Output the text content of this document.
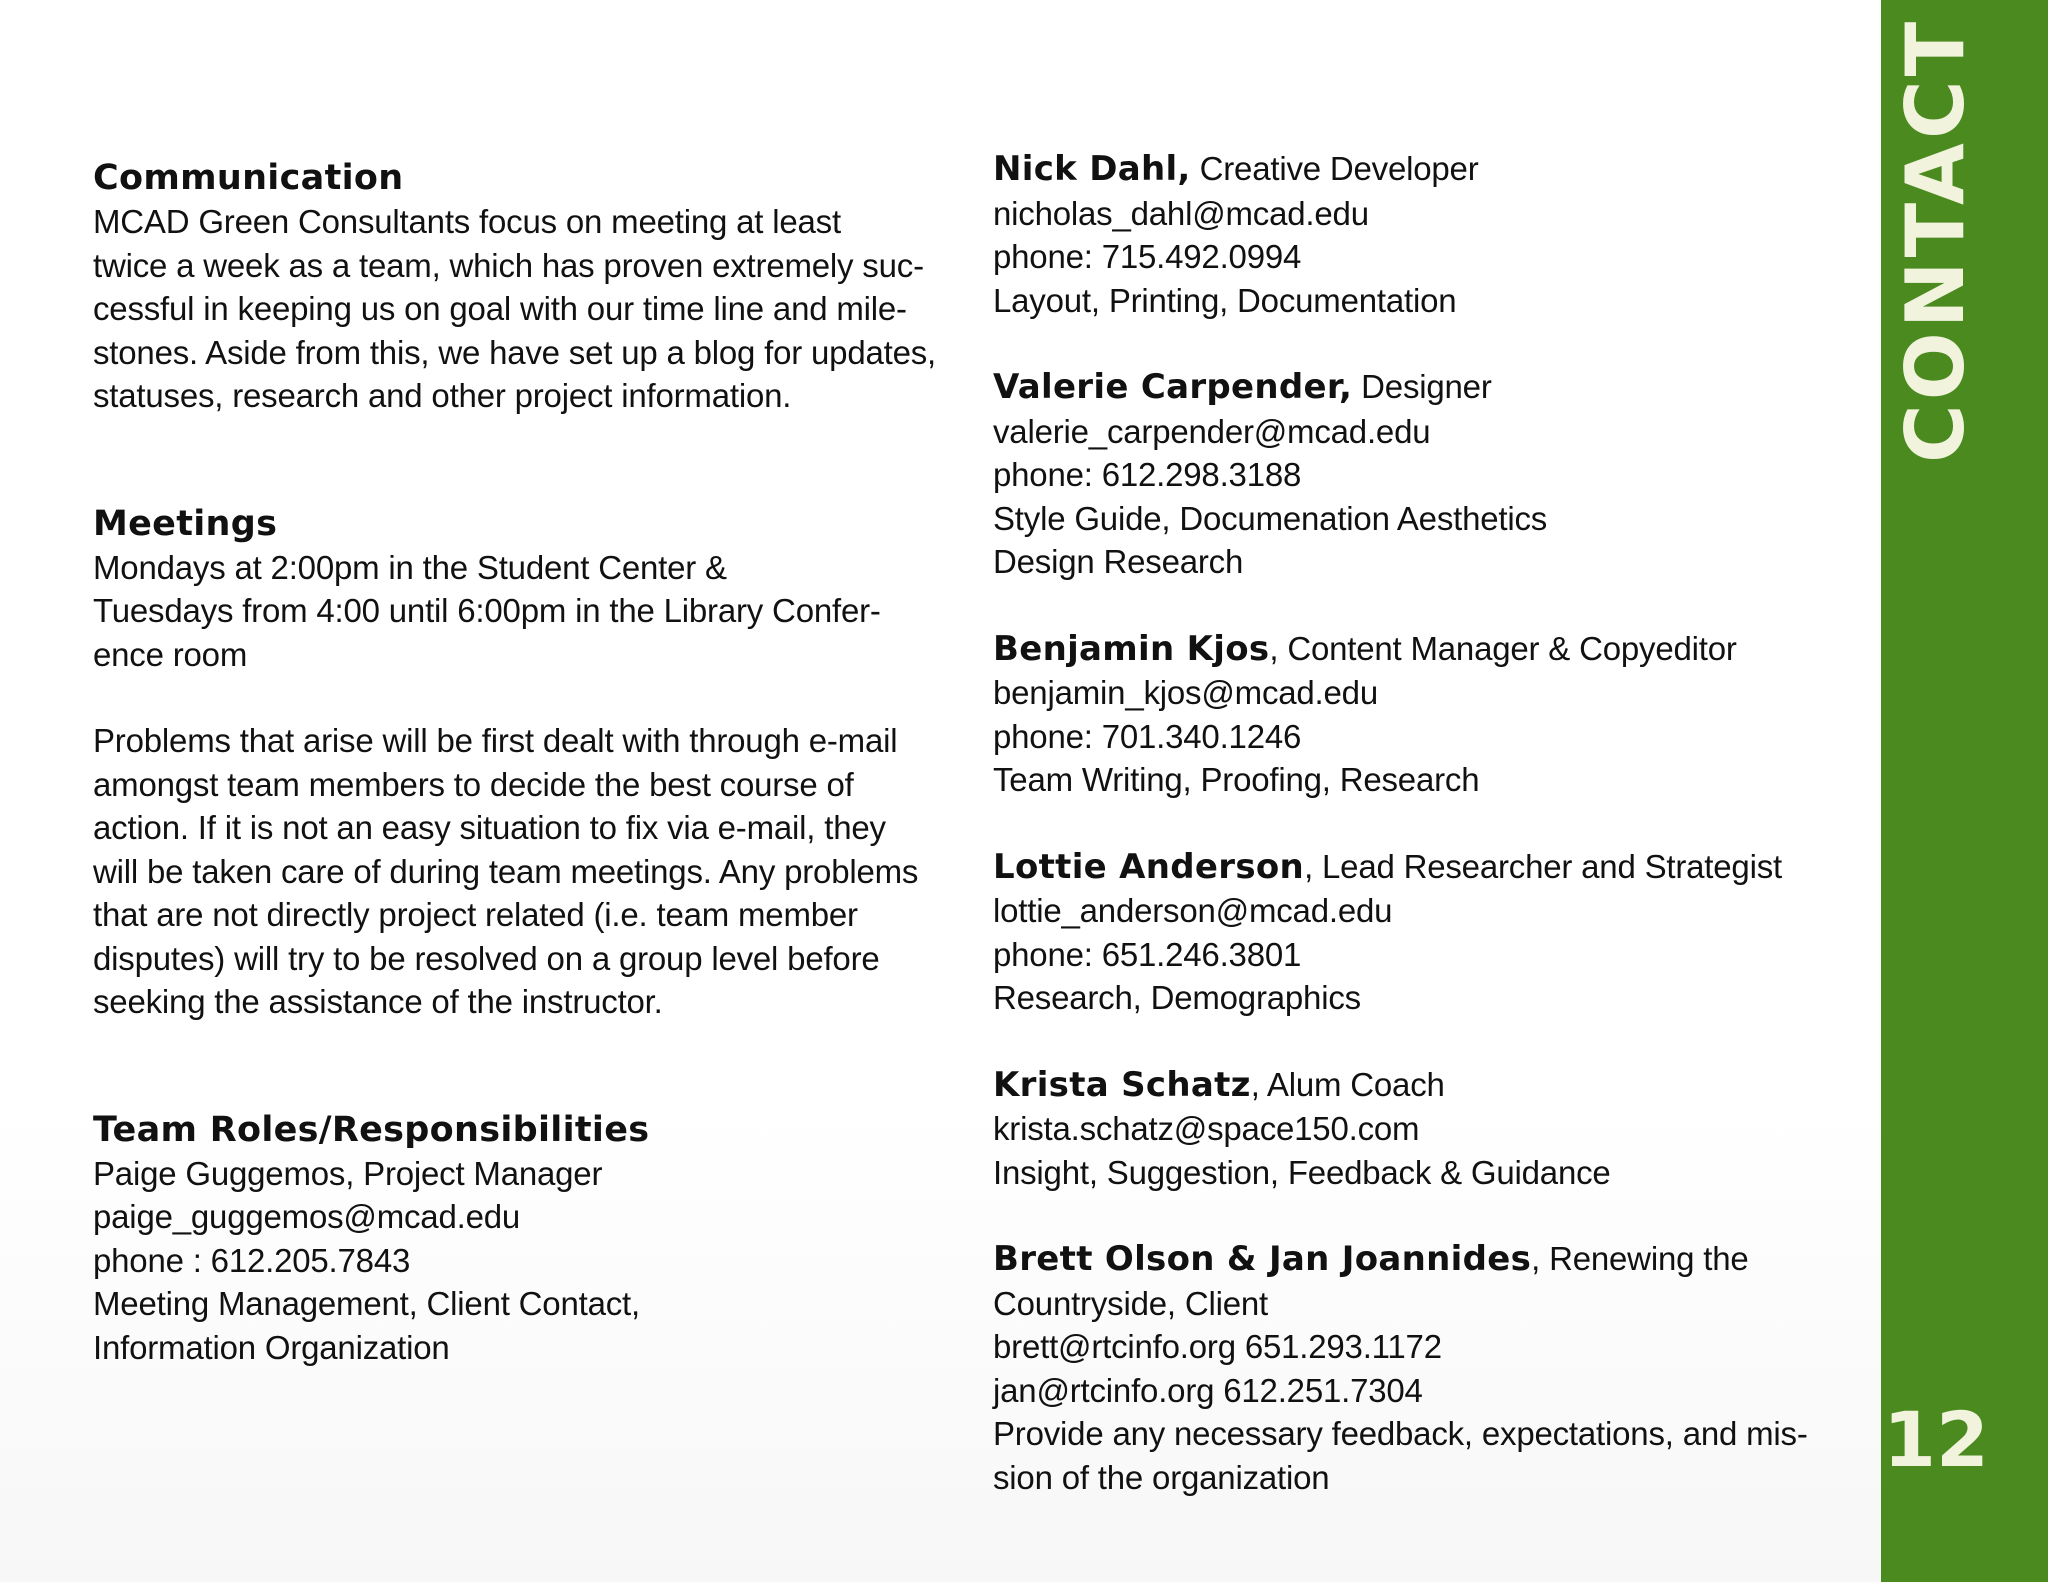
Communication

MCAD Green Consultants focus on meeting at least
twice a week as a team, which has proven extremely suc-
cessful in keeping us on goal with our time line and mile-
stones. Aside from this, we have set up a blog for updates,
statuses, research and other project information.

Meetings

Mondays at 2:00pm in the Student Center &
Tuesdays from 4:00 until 6:00pm in the Library Confer-
ence room

Problems that arise will be first dealt with through e-mail
amongst team members to decide the best course of
action. If it is not an easy situation to fix via e-mail, they
will be taken care of during team meetings. Any problems
that are not directly project related (i.e. team member
disputes) will try to be resolved on a group level before
seeking the assistance of the instructor.

Team Roles/Responsibilities

Paige Guggemos, Project Manager
paige_guggemos@mcad.edu
phone : 612.205.7843
Meeting Management, Client Contact,
Information Organization

Nick Dahl, Creative Developer
nicholas_dahl@mcad.edu
phone: 715.492.0994
Layout, Printing, Documentation
Valerie Carpender, Designer
valerie_carpender@mcad.edu
phone: 612.298.3188
Style Guide, Documenation Aesthetics
Design Research
Benjamin Kjos, Content Manager & Copyeditor
benjamin_kjos@mcad.edu
phone: 701.340.1246
Team Writing, Proofing, Research
Lottie Anderson, Lead Researcher and Strategist
lottie_anderson@mcad.edu
phone: 651.246.3801
Research, Demographics
Krista Schatz, Alum Coach
krista.schatz@space150.com
Insight, Suggestion, Feedback & Guidance
Brett Olson & Jan Joannides, Renewing the
Countryside, Client
brett@rtcinfo.org 651.293.1172
jan@rtcinfo.org 612.251.7304
Provide any necessary feedback, expectations, and mis-
sion of the organization
CONTACT
12
